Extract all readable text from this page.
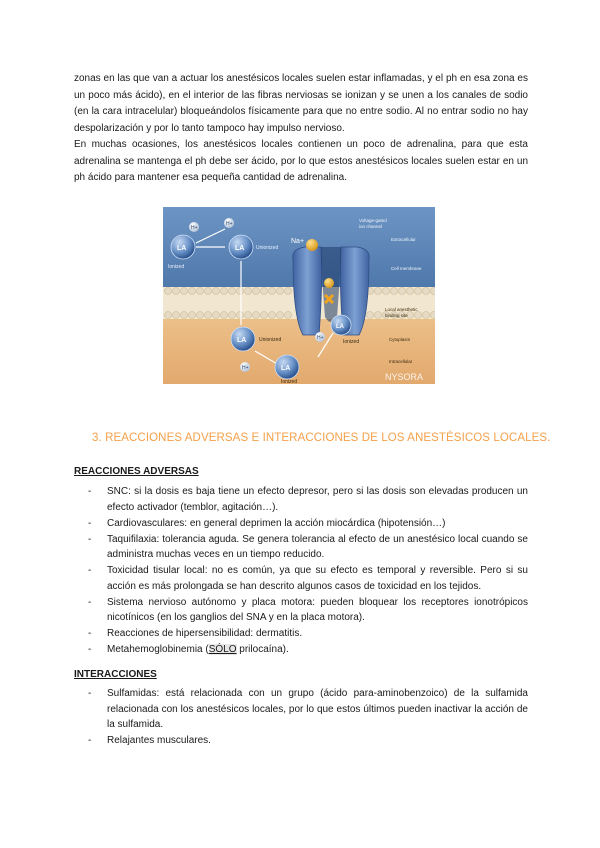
zonas en las que van a actuar los anestésicos locales suelen estar inflamadas, y el ph en esa zona es un poco más ácido), en el interior de las fibras nerviosas se ionizan y se unen a los canales de sodio (en la cara intracelular) bloqueándolos físicamente para que no entre sodio. Al no entrar sodio no hay despolarización y por lo tanto tampoco hay impulso nervioso.

En muchas ocasiones, los anestésicos locales contienen un poco de adrenalina, para que esta adrenalina se mantenga el ph debe ser ácido, por lo que estos anestésicos locales suelen estar en un ph ácido para mantener esa pequeña cantidad de adrenalina.

Na+
LA
H+
Ionized
LA Unionized
H+
LA	Unionized
LA
Ionized
H+
LA
H+
Ionized
Voltage-gated
ion channel
Extracellular
Cell membrane
Local anesthetic
binding site
Cytoplasm
Intracellular
NYSORA

3. REACCIONES ADVERSAS E INTERACCIONES DE LOS ANESTÉSICOS LOCALES.

REACCIONES ADVERSAS

- SNC: si la dosis es baja tiene un efecto depresor, pero si las dosis son elevadas producen un efecto activador (temblor, agitación…).
- Cardiovasculares: en general deprimen la acción miocárdica (hipotensión…)
- Taquifilaxia: tolerancia aguda. Se genera tolerancia al efecto de un anestésico local cuando se administra muchas veces en un tiempo reducido.
- Toxicidad tisular local: no es común, ya que su efecto es temporal y reversible. Pero si su acción es más prolongada se han descrito algunos casos de toxicidad en los tejidos.
- Sistema nervioso autónomo y placa motora: pueden bloquear los receptores ionotrópicos nicotínicos (en los ganglios del SNA y en la placa motora).
- Reacciones de hipersensibilidad: dermatitis.
- Metahemoglobinemia (SÓLO prilocaína).

INTERACCIONES

- Sulfamidas: está relacionada con un grupo (ácido para-aminobenzoico) de la sulfamida relacionada con los anestésicos locales, por lo que estos últimos pueden inactivar la acción de la sulfamida.
- Relajantes musculares.
